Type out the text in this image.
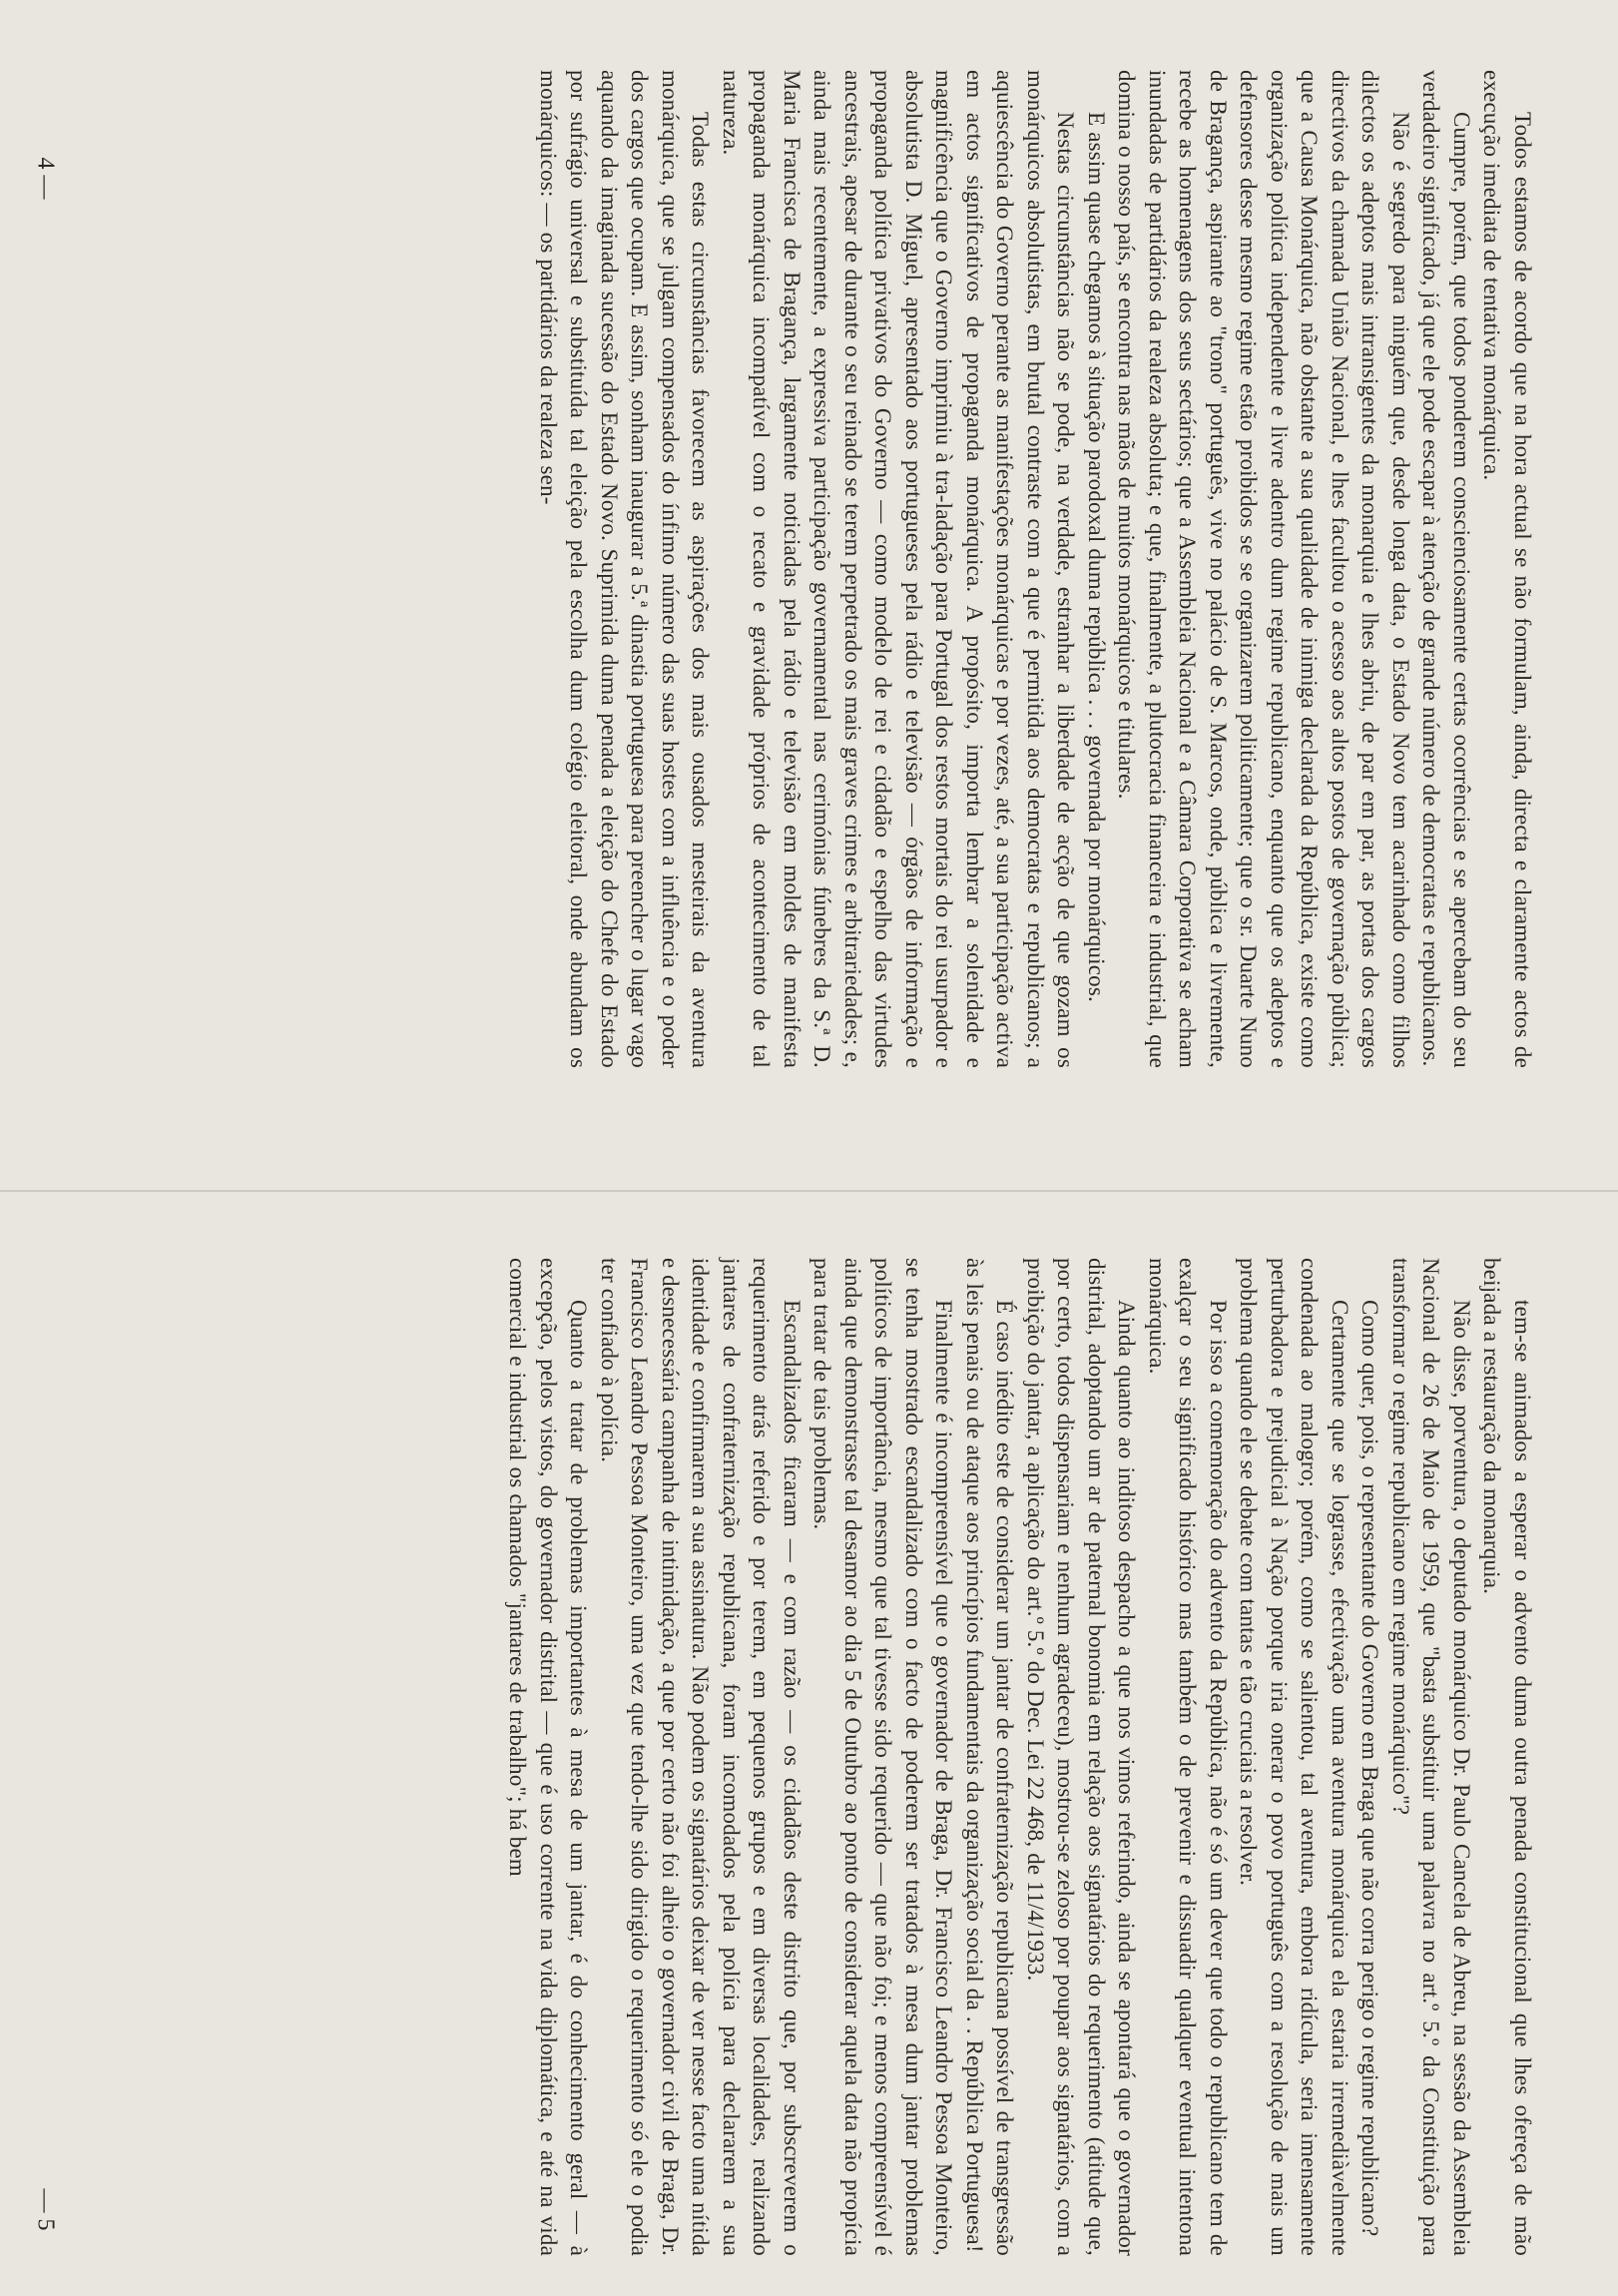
Todos estamos de acordo que na hora actual se não formulam, ainda, directa e claramente actos de execução imediata de tentativa monárquica.

Cumpre, porém, que todos ponderem conscienciosamente certas ocorrências e se apercebam do seu verdadeiro significado, já que ele pode escapar à atenção de grande número de democratas e republicanos.

Não é segredo para ninguém que, desde longa data, o Estado Novo tem acarinhado como filhos dilectos os adeptos mais intransigentes da monarquia e lhes abriu, de par em par, as portas dos cargos directivos da chamada União Nacional, e lhes facultou o acesso aos altos postos de governação pública; que a Causa Monárquica, não obstante a sua qualidade de inimiga declarada da República, existe como organização política independente e livre adentro dum regime republicano, enquanto que os adeptos e defensores desse mesmo regime estão proibidos se se organizarem politicamente; que o sr. Duarte Nuno de Bragança, aspirante ao "trono" português, vive no palácio de S. Marcos, onde, pública e livremente, recebe as homenagens dos seus sectários; que a Assembleia Nacional e a Câmara Corporativa se acham inundadas de partidários da realeza absoluta; e que, finalmente, a plutocracia financeira e industrial, que domina o nosso país, se encontra nas mãos de muitos monárquicos e titulares.

E assim quase chegamos à situação parodoxal duma república . . . governada por monárquicos.

Nestas circunstâncias não se pode, na verdade, estranhar a liberdade de acção de que gozam os monárquicos absolutistas, em brutal contraste com a que é permitida aos democratas e republicanos; a aquiescência do Governo perante as manifestações monárquicas e por vezes, até, a sua participação activa em actos significativos de propaganda monárquica. A propósito, importa lembrar a solenidade e magnificência que o Governo imprimiu à tra-ladação para Portugal dos restos mortais do rei usurpador e absolutista D. Miguel, apresentado aos portugueses pela rádio e televisão — órgãos de informação e propaganda política privativos do Governo — como modelo de rei e cidadão e espelho das virtudes ancestrais, apesar de durante o seu reinado se terem perpetrado os mais graves crimes e arbitrariedades; e, ainda mais recentemente, a expressiva participação governamental nas cerimónias fúnebres da S.ª D. Maria Francisca de Bragança, largamente noticiadas pela rádio e televisão em moldes de manifesta propaganda monárquica incompatível com o recato e gravidade próprios de acontecimento de tal natureza.

Todas estas circunstâncias favorecem as aspirações dos mais ousados mesteirais da aventura monárquica, que se julgam compensados do ínfimo número das suas hostes com a influência e o poder dos cargos que ocupam. E assim, sonham inaugurar a 5.ª dinastia portuguesa para preencher o lugar vago aquando da imaginada sucessão do Estado Novo. Suprimida duma penada a eleição do Chefe do Estado por sufrágio universal e substituída tal eleição pela escolha dum colégio eleitoral, onde abundam os monárquicos: — os partidários da realeza sen-

tem-se animados a esperar o advento duma outra penada constitucional que lhes ofereça de mão beijada a restauração da monarquia.

Não disse, porventura, o deputado monárquico Dr. Paulo Cancela de Abreu, na sessão da Assembleia Nacional de 26 de Maio de 1959, que "basta substituir uma palavra no art.º 5.º da Constituição para transformar o regime republicano em regime monárquico"?

Como quer, pois, o representante do Governo em Braga que não corra perigo o regime republicano?

Certamente que se lograsse, efectivação uma aventura monárquica ela estaria irremediàvelmente condenada ao malogro; porém, como se salientou, tal aventura, embora ridícula, seria imensamente perturbadora e prejudicial à Nação porque iria onerar o povo português com a resolução de mais um problema quando ele se debate com tantas e tão cruciais a resolver.

Por isso a comemoração do advento da República, não é só um dever que todo o republicano tem de exalçar o seu significado histórico mas também o de prevenir e dissuadir qualquer eventual intentona monárquica.

Ainda quanto ao inditoso despacho a que nos vimos referindo, ainda se apontará que o governador distrital, adoptando um ar de paternal bonomia em relação aos signatários do requerimento (atitude que, por certo, todos dispensariam e nenhum agradeceu), mostrou-se zeloso por poupar aos signatários, com a proibição do jantar, a aplicação do art.º 5.º do Dec. Lei 22 468, de 11/4/1933.

É caso inédito este de considerar um jantar de confraternização republicana possível de transgressão às leis penais ou de ataque aos princípios fundamentais da organização social da . . República Portuguesa!

Finalmente é incompreensível que o governador de Braga, Dr. Francisco Leandro Pessoa Monteiro, se tenha mostrado escandalizado com o facto de poderem ser tratados à mesa dum jantar problemas políticos de importância, mesmo que tal tivesse sido requerido — que não foi; e menos compreensível é ainda que demonstrasse tal desamor ao dia 5 de Outubro ao ponto de considerar aquela data não propícia para tratar de tais problemas.

Escandalizados ficaram — e com razão — os cidadãos deste distrito que, por subscreverem o requerimento atrás referido e por terem, em pequenos grupos e em diversas localidades, realizando jantares de confraternização republicana, foram incomodados pela polícia para declararem a sua identidade e confirmarem a sua assinatura. Não podem os signatários deixar de ver nesse facto uma nítida e desnecessária campanha de intimidação, a que por certo não foi alheio o governador civil de Braga, Dr. Francisco Leandro Pessoa Monteiro, uma vez que tendo-lhe sido dirigido o requerimento só ele o podia ter confiado à polícia.

Quanto a tratar de problemas importantes à mesa de um jantar, é do conhecimento geral — à excepção, pelos vistos, do governador distrital — que é uso corrente na vida diplomática, e até na vida comercial e industrial os chamados "jantares de trabalho"; há bem

4 —
— 5
